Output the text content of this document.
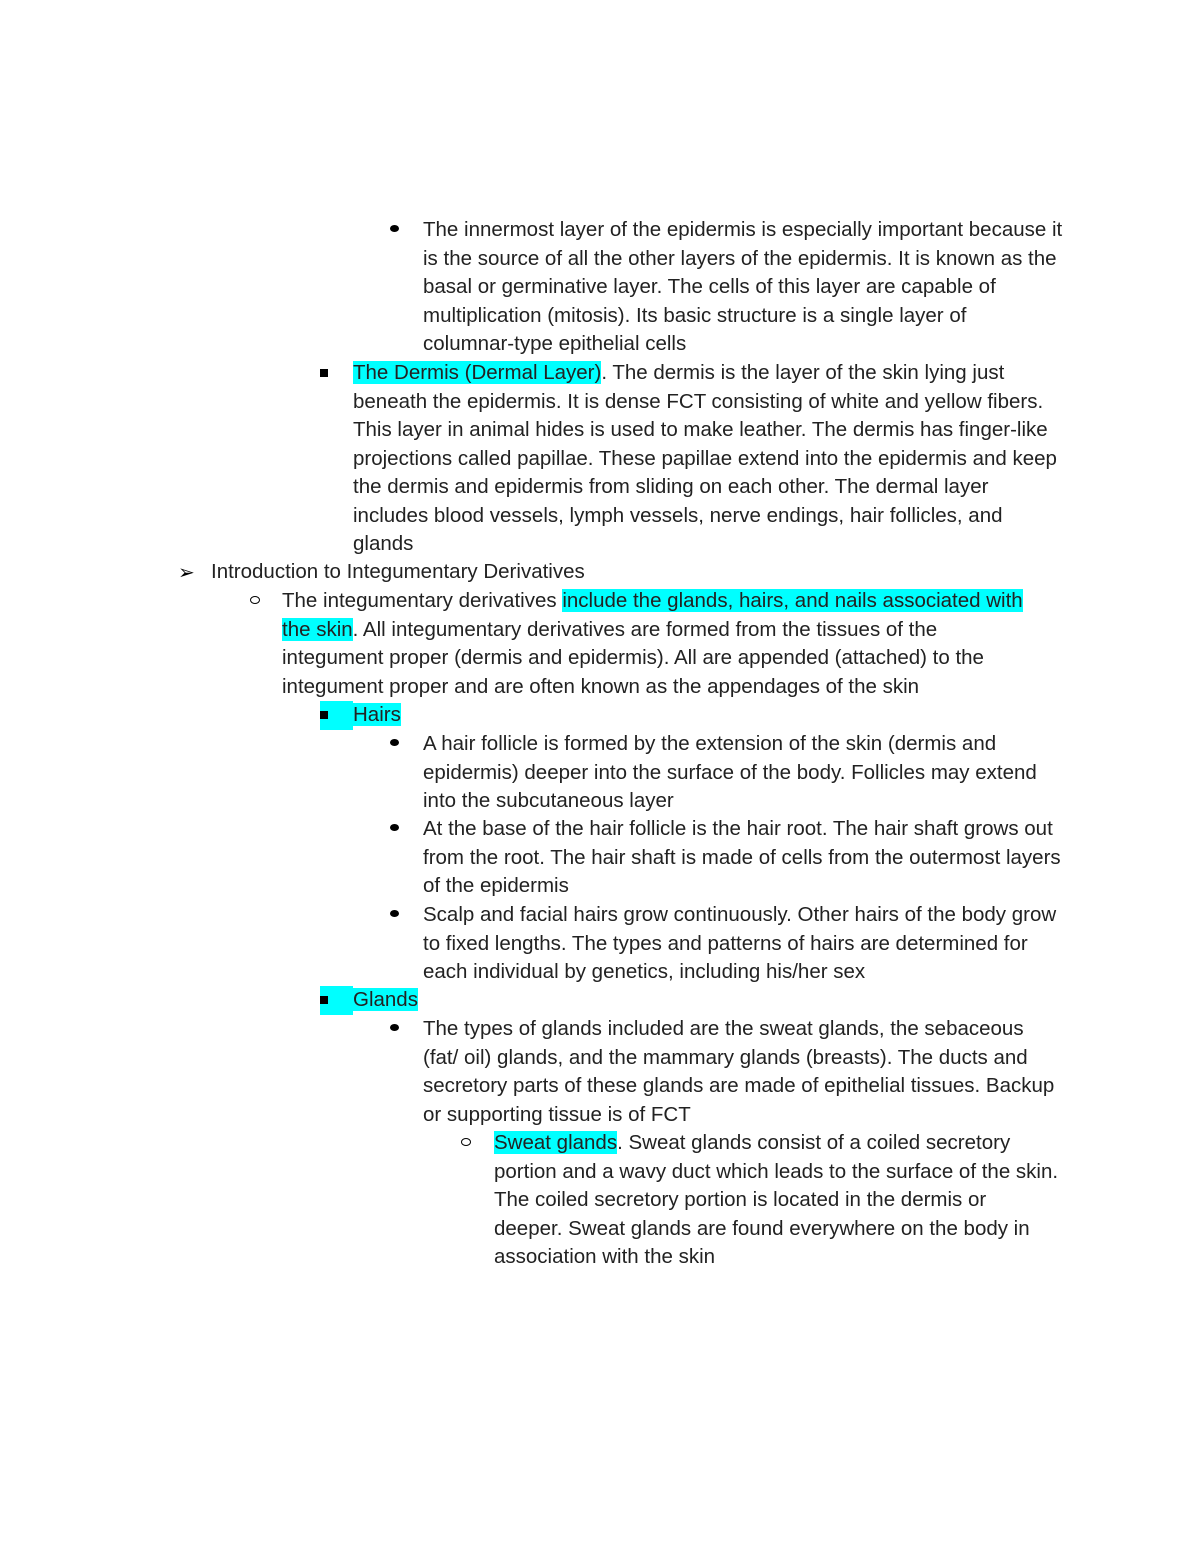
The innermost layer of the epidermis is especially important because it is the source of all the other layers of the epidermis. It is known as the basal or germinative layer. The cells of this layer are capable of multiplication (mitosis). Its basic structure is a single layer of columnar-type epithelial cells

The Dermis (Dermal Layer). The dermis is the layer of the skin lying just beneath the epidermis. It is dense FCT consisting of white and yellow fibers. This layer in animal hides is used to make leather. The dermis has finger-like projections called papillae. These papillae extend into the epidermis and keep the dermis and epidermis from sliding on each other. The dermal layer includes blood vessels, lymph vessels, nerve endings, hair follicles, and glands

➢ Introduction to Integumentary Derivatives

The integumentary derivatives include the glands, hairs, and nails associated with the skin. All integumentary derivatives are formed from the tissues of the integument proper (dermis and epidermis). All are appended (attached) to the integument proper and are often known as the appendages of the skin

Hairs

A hair follicle is formed by the extension of the skin (dermis and epidermis) deeper into the surface of the body. Follicles may extend into the subcutaneous layer

At the base of the hair follicle is the hair root. The hair shaft grows out from the root. The hair shaft is made of cells from the outermost layers of the epidermis

Scalp and facial hairs grow continuously. Other hairs of the body grow to fixed lengths. The types and patterns of hairs are determined for each individual by genetics, including his/her sex

Glands

The types of glands included are the sweat glands, the sebaceous (fat/ oil) glands, and the mammary glands (breasts). The ducts and secretory parts of these glands are made of epithelial tissues. Backup or supporting tissue is of FCT

Sweat glands. Sweat glands consist of a coiled secretory portion and a wavy duct which leads to the surface of the skin. The coiled secretory portion is located in the dermis or deeper. Sweat glands are found everywhere on the body in association with the skin
